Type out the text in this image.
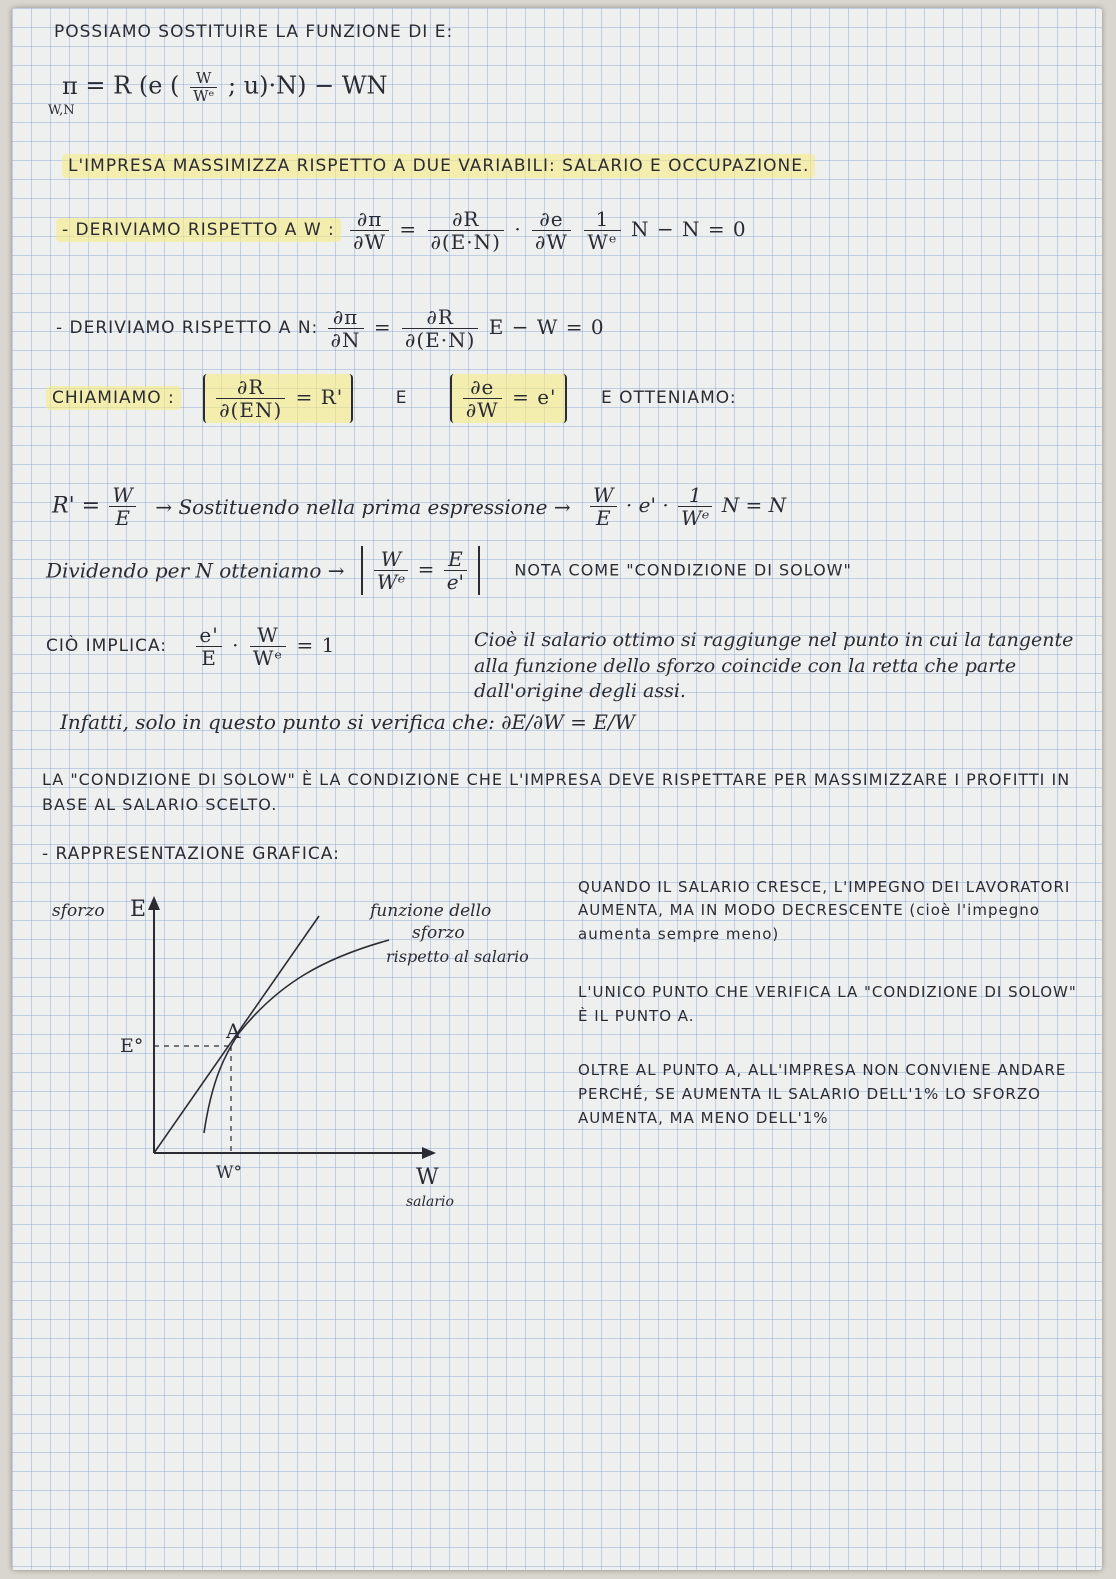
POSSIAMO SOSTITUIRE LA FUNZIONE DI E:
π
W,N
= R (e ( $\frac{W}{\text{Wᵉ}}$ ; u)·N) − WN
L'IMPRESA MASSIMIZZA RISPETTO A DUE VARIABILI: SALARIO E OCCUPAZIONE.
- DERIVIAMO RISPETTO A W : $\frac{\partial\pi}{\partial W} = \frac{\partial R}{\partial(E\cdot N)} \cdot \frac{\partial e}{\partial W}$
$\frac{1}{\text{Wᵉ}}$ N − N = 0
- DERIVIAMO RISPETTO A N: $\frac{\partial\pi}{\partial N} = \frac{\partial R}{\partial(E\cdot N)}$ E − W = 0
CHIAMIAMO : $\frac{\partial R}{\partial(EN)} = R'$	E	$\frac{\partial e}{\partial W} = e'$	E OTTENIAMO:
$R' = \frac{W}{E}$ → Sostituendo nella prima espressione → $\frac{W}{E} \cdot e' \cdot \frac{1}{\text{Wᵉ}}$ N = N
Dividendo per N otteniamo → $\frac{W}{\text{Wᵉ}} = \frac{E}{e'}$	NOTA COME "CONDIZIONE DI SOLOW"
CIÒ IMPLICA: $\frac{e'}{E} \cdot \frac{W}{\text{Wᵉ}} = 1$	Cioè il salario ottimo si raggiunge nel punto in cui la tangente alla funzione dello sforzo coincide con la retta che parte dall'origine degli assi.
Infatti, solo in questo punto si verifica che: ∂E/∂W = E/W
LA "CONDIZIONE DI SOLOW" È LA CONDIZIONE CHE L'IMPRESA DEVE RISPETTARE PER MASSIMIZZARE I PROFITTI IN BASE AL SALARIO SCELTO.
- RAPPRESENTAZIONE GRAFICA:
sforzo E
W
salario
A
E°
W°
funzione dello
sforzo
rispetto al salario
QUANDO IL SALARIO CRESCE, L'IMPEGNO DEI LAVORATORI AUMENTA, MA IN MODO DECRESCENTE (cioè l'impegno aumenta sempre meno)
L'UNICO PUNTO CHE VERIFICA LA "CONDIZIONE DI SOLOW" È IL PUNTO A.
OLTRE AL PUNTO A, ALL'IMPRESA NON CONVIENE ANDARE PERCHÉ, SE AUMENTA IL SALARIO DELL'1% LO SFORZO AUMENTA, MA MENO DELL'1%
